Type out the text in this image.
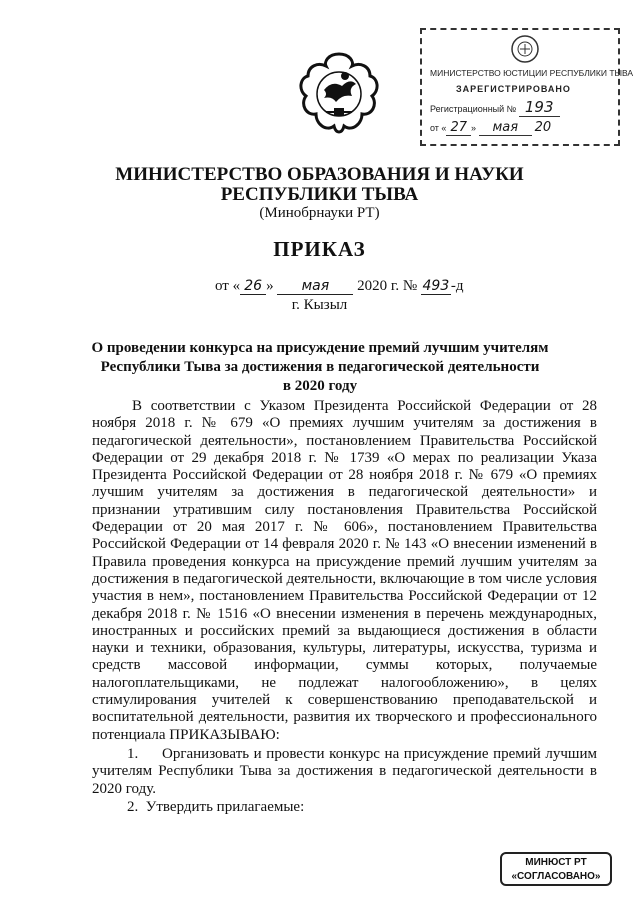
МИНИСТЕРСТВО ЮСТИЦИИ РЕСПУБЛИКИ ТЫВА
ЗАРЕГИСТРИРОВАНО
Регистрационный № 193
от « 27 » мая 20
МИНИСТЕРСТВО ОБРАЗОВАНИЯ И НАУКИ
РЕСПУБЛИКИ ТЫВА
(Минобрнауки РТ)
ПРИКАЗ
от « 26 » мая 2020 г. № 493 -д
г. Кызыл
О проведении конкурса на присуждение премий лучшим учителям
Республики Тыва за достижения в педагогической деятельности
в 2020 году
В соответствии с Указом Президента Российской Федерации от 28 ноября 2018 г. № 679 «О премиях лучшим учителям за достижения в педагогической деятельности», постановлением Правительства Российской Федерации от 29 декабря 2018 г. № 1739 «О мерах по реализации Указа Президента Российской Федерации от 28 ноября 2018 г. № 679 «О премиях лучшим учителям за достижения в педагогической деятельности» и признании утратившим силу постановления Правительства Российской Федерации от 20 мая 2017 г. № 606», постановлением Правительства Российской Федерации от 14 февраля 2020 г. № 143 «О внесении изменений в Правила проведения конкурса на присуждение премий лучшим учителям за достижения в педагогической деятельности, включающие в том числе условия участия в нем», постановлением Правительства Российской Федерации от 12 декабря 2018 г. № 1516 «О внесении изменения в перечень международных, иностранных и российских премий за выдающиеся достижения в области науки и техники, образования, культуры, литературы, искусства, туризма и средств массовой информации, суммы которых, получаемые налогоплательщиками, не подлежат налогообложению», в целях стимулирования учителей к совершенствованию преподавательской и воспитательной деятельности, развития их творческого и профессионального потенциала ПРИКАЗЫВАЮ:
1. Организовать и провести конкурс на присуждение премий лучшим учителям Республики Тыва за достижения в педагогической деятельности в 2020 году.
2. Утвердить прилагаемые:
МИНЮСТ РТ
«СОГЛАСОВАНО»
